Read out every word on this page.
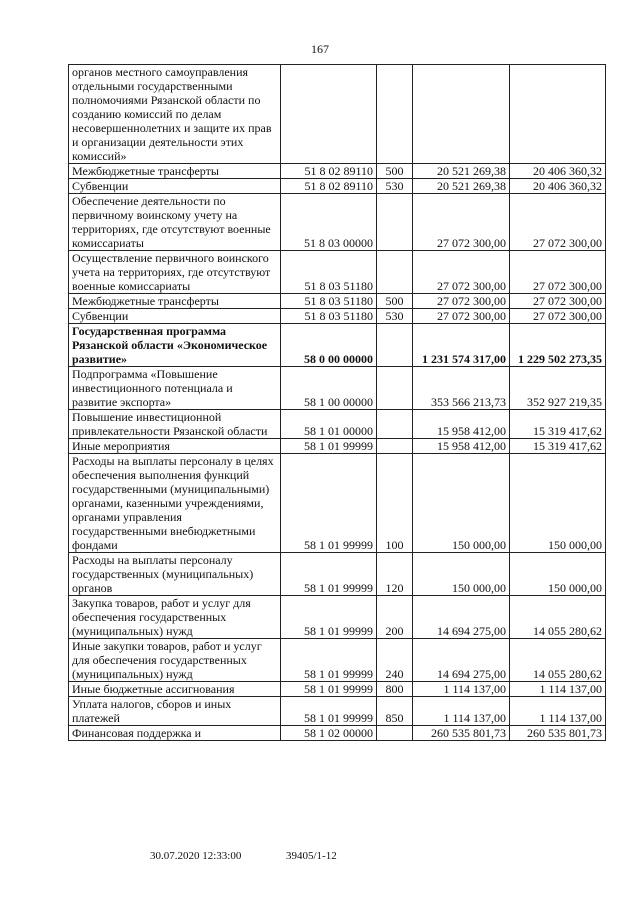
167
органов местного самоуправления отдельными государственными полномочиями Рязанской области по созданию комиссий по делам несовершеннолетних и защите их прав и организации деятельности этих комиссий»				
Межбюджетные трансферты	51 8 02 89110	500	20 521 269,38	20 406 360,32
Субвенции	51 8 02 89110	530	20 521 269,38	20 406 360,32
Обеспечение деятельности по первичному воинскому учету на территориях, где отсутствуют военные комиссариаты	51 8 03 00000		27 072 300,00	27 072 300,00
Осуществление первичного воинского учета на территориях, где отсутствуют военные комиссариаты	51 8 03 51180		27 072 300,00	27 072 300,00
Межбюджетные трансферты	51 8 03 51180	500	27 072 300,00	27 072 300,00
Субвенции	51 8 03 51180	530	27 072 300,00	27 072 300,00
Государственная программа Рязанской области «Экономическое развитие»	58 0 00 00000		1 231 574 317,00	1 229 502 273,35
Подпрограмма «Повышение инвестиционного потенциала и развитие экспорта»	58 1 00 00000		353 566 213,73	352 927 219,35
Повышение инвестиционной привлекательности Рязанской области	58 1 01 00000		15 958 412,00	15 319 417,62
Иные мероприятия	58 1 01 99999		15 958 412,00	15 319 417,62
Расходы на выплаты персоналу в целях обеспечения выполнения функций государственными (муниципальными) органами, казенными учреждениями, органами управления государственными внебюджетными фондами	58 1 01 99999	100	150 000,00	150 000,00
Расходы на выплаты персоналу государственных (муниципальных) органов	58 1 01 99999	120	150 000,00	150 000,00
Закупка товаров, работ и услуг для обеспечения государственных (муниципальных) нужд	58 1 01 99999	200	14 694 275,00	14 055 280,62
Иные закупки товаров, работ и услуг для обеспечения государственных (муниципальных) нужд	58 1 01 99999	240	14 694 275,00	14 055 280,62
Иные бюджетные ассигнования	58 1 01 99999	800	1 114 137,00	1 114 137,00
Уплата налогов, сборов и иных платежей	58 1 01 99999	850	1 114 137,00	1 114 137,00
Финансовая поддержка и	58 1 02 00000		260 535 801,73	260 535 801,73
30.07.2020 12:33:00	39405/1-12
